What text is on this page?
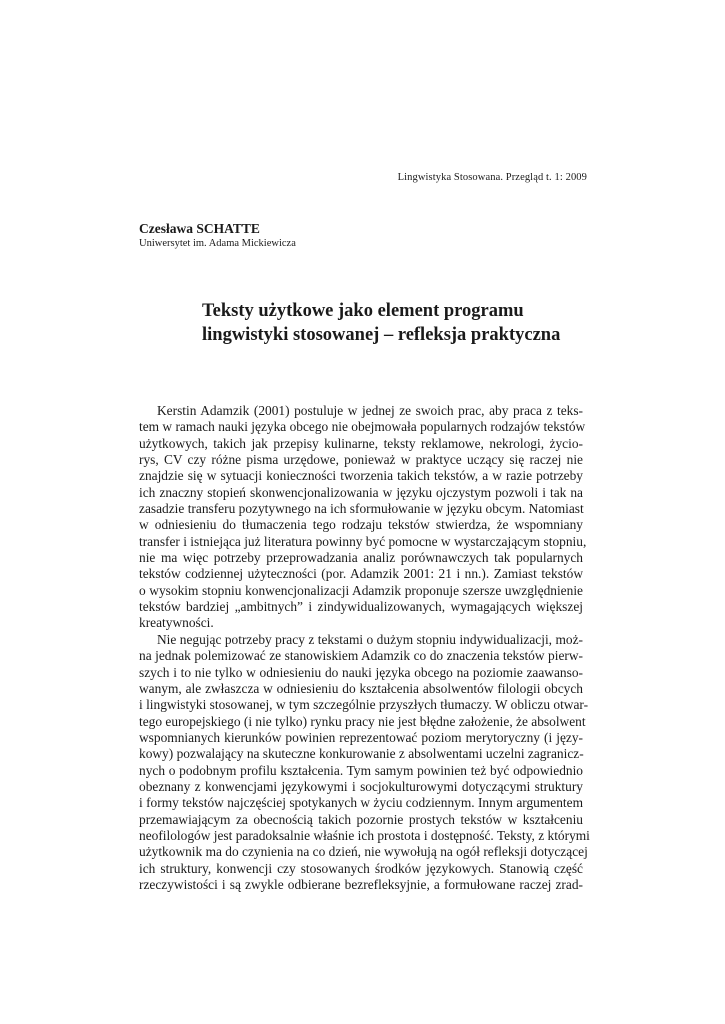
Lingwistyka Stosowana. Przegląd t. 1: 2009
Czesława SCHATTE
Uniwersytet im. Adama Mickiewicza
Teksty użytkowe jako element programu
lingwistyki stosowanej – refleksja praktyczna
Kerstin Adamzik (2001) postuluje w jednej ze swoich prac, aby praca z teks-
tem w ramach nauki języka obcego nie obejmowała popularnych rodzajów tekstów
użytkowych, takich jak przepisy kulinarne, teksty reklamowe, nekrologi, życio-
rys, CV czy różne pisma urzędowe, ponieważ w praktyce uczący się raczej nie
znajdzie się w sytuacji konieczności tworzenia takich tekstów, a w razie potrzeby
ich znaczny stopień skonwencjonalizowania w języku ojczystym pozwoli i tak na
zasadzie transferu pozytywnego na ich sformułowanie w języku obcym. Natomiast
w odniesieniu do tłumaczenia tego rodzaju tekstów stwierdza, że wspomniany
transfer i istniejąca już literatura powinny być pomocne w wystarczającym stopniu,
nie ma więc potrzeby przeprowadzania analiz porównawczych tak popularnych
tekstów codziennej użyteczności (por. Adamzik 2001: 21 i nn.). Zamiast tekstów
o wysokim stopniu konwencjonalizacji Adamzik proponuje szersze uwzględnienie
tekstów bardziej „ambitnych” i zindywidualizowanych, wymagających większej
kreatywności.
Nie negując potrzeby pracy z tekstami o dużym stopniu indywidualizacji, moż-
na jednak polemizować ze stanowiskiem Adamzik co do znaczenia tekstów pierw-
szych i to nie tylko w odniesieniu do nauki języka obcego na poziomie zaawanso-
wanym, ale zwłaszcza w odniesieniu do kształcenia absolwentów filologii obcych
i lingwistyki stosowanej, w tym szczególnie przyszłych tłumaczy. W obliczu otwar-
tego europejskiego (i nie tylko) rynku pracy nie jest błędne założenie, że absolwent
wspomnianych kierunków powinien reprezentować poziom merytoryczny (i języ-
kowy) pozwalający na skuteczne konkurowanie z absolwentami uczelni zagranicz-
nych o podobnym profilu kształcenia. Tym samym powinien też być odpowiednio
obeznany z konwencjami językowymi i socjokulturowymi dotyczącymi struktury
i formy tekstów najczęściej spotykanych w życiu codziennym. Innym argumentem
przemawiającym za obecnością takich pozornie prostych tekstów w kształceniu
neofilologów jest paradoksalnie właśnie ich prostota i dostępność. Teksty, z którymi
użytkownik ma do czynienia na co dzień, nie wywołują na ogół refleksji dotyczącej
ich struktury, konwencji czy stosowanych środków językowych. Stanowią część
rzeczywistości i są zwykle odbierane bezrefleksyjnie, a formułowane raczej zrad-
